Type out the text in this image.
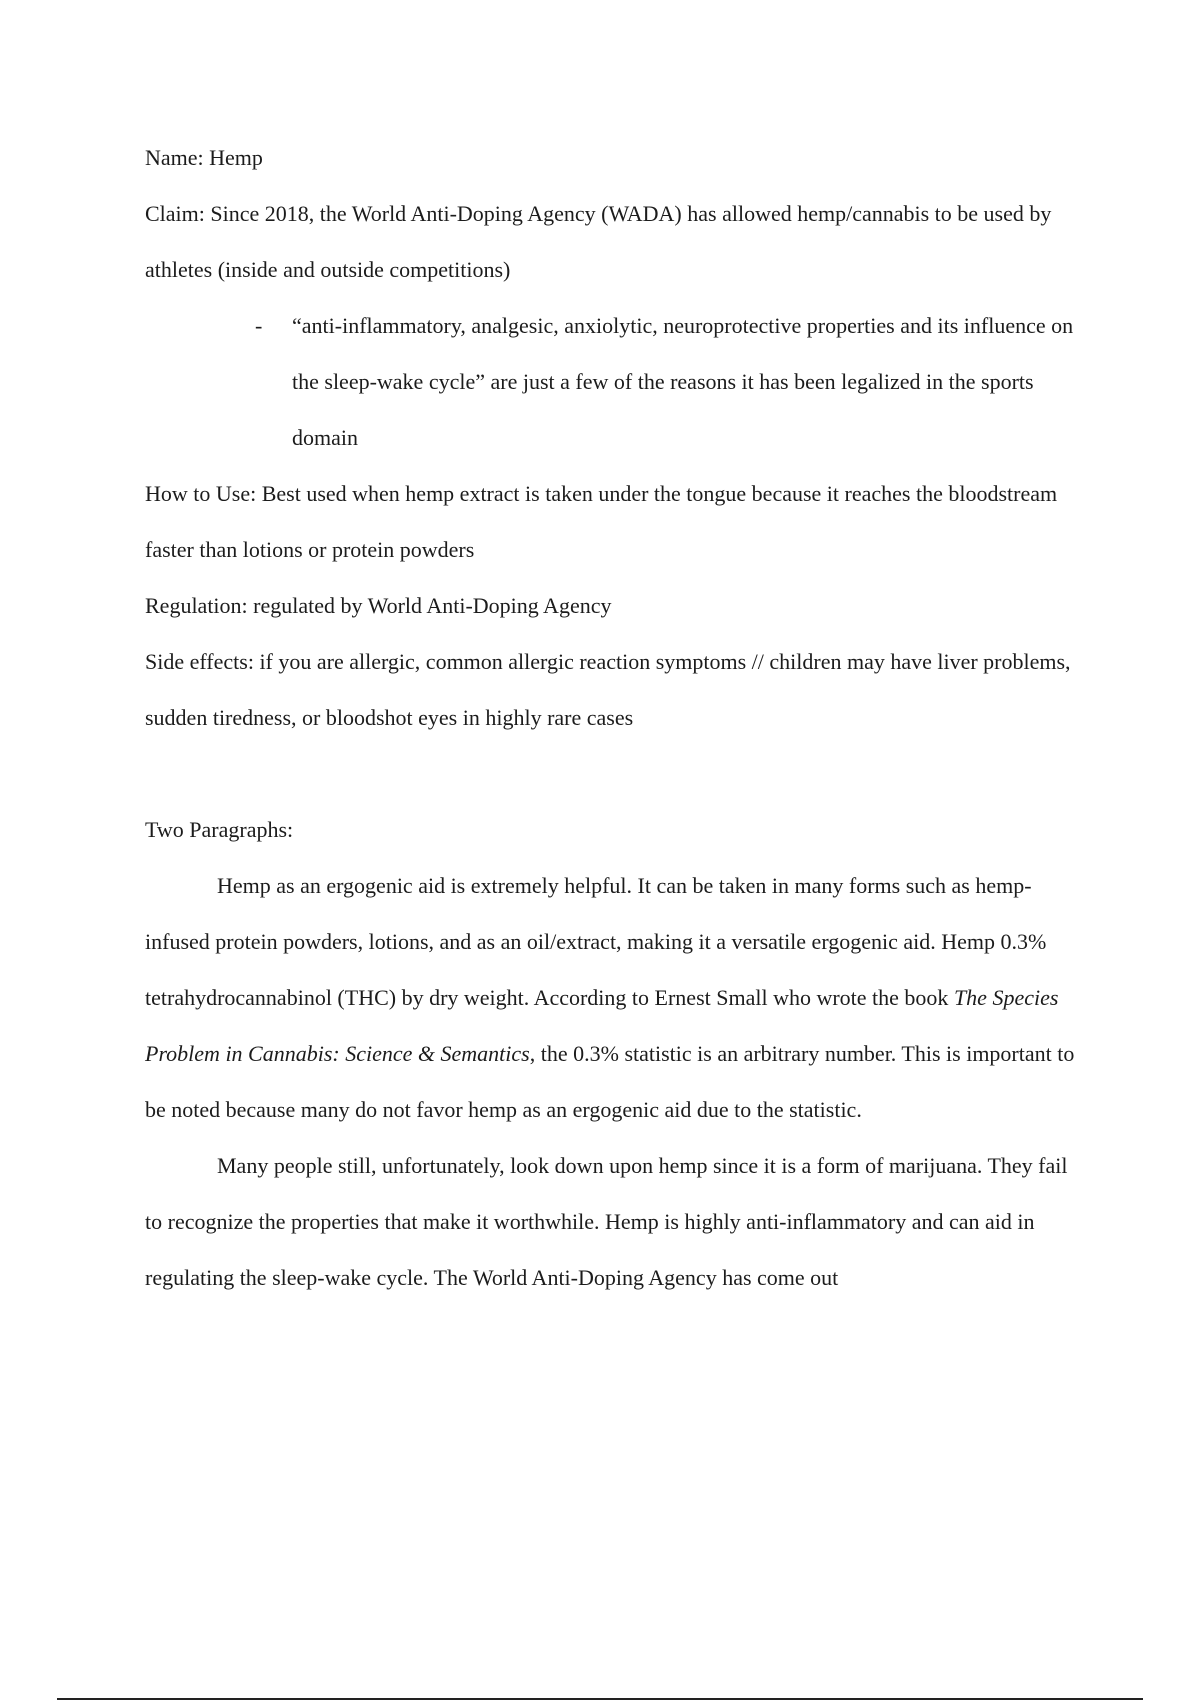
Name: Hemp

Claim: Since 2018, the World Anti-Doping Agency (WADA) has allowed hemp/cannabis to be used by athletes (inside and outside competitions)

- “anti-inflammatory, analgesic, anxiolytic, neuroprotective properties and its influence on the sleep-wake cycle” are just a few of the reasons it has been legalized in the sports domain

How to Use: Best used when hemp extract is taken under the tongue because it reaches the bloodstream faster than lotions or protein powders

Regulation: regulated by World Anti-Doping Agency

Side effects: if you are allergic, common allergic reaction symptoms // children may have liver problems, sudden tiredness, or bloodshot eyes in highly rare cases

Two Paragraphs:

Hemp as an ergogenic aid is extremely helpful. It can be taken in many forms such as hemp-infused protein powders, lotions, and as an oil/extract, making it a versatile ergogenic aid. Hemp 0.3% tetrahydrocannabinol (THC) by dry weight. According to Ernest Small who wrote the book The Species Problem in Cannabis: Science & Semantics, the 0.3% statistic is an arbitrary number. This is important to be noted because many do not favor hemp as an ergogenic aid due to the statistic.

Many people still, unfortunately, look down upon hemp since it is a form of marijuana. They fail to recognize the properties that make it worthwhile. Hemp is highly anti-inflammatory and can aid in regulating the sleep-wake cycle. The World Anti-Doping Agency has come out
